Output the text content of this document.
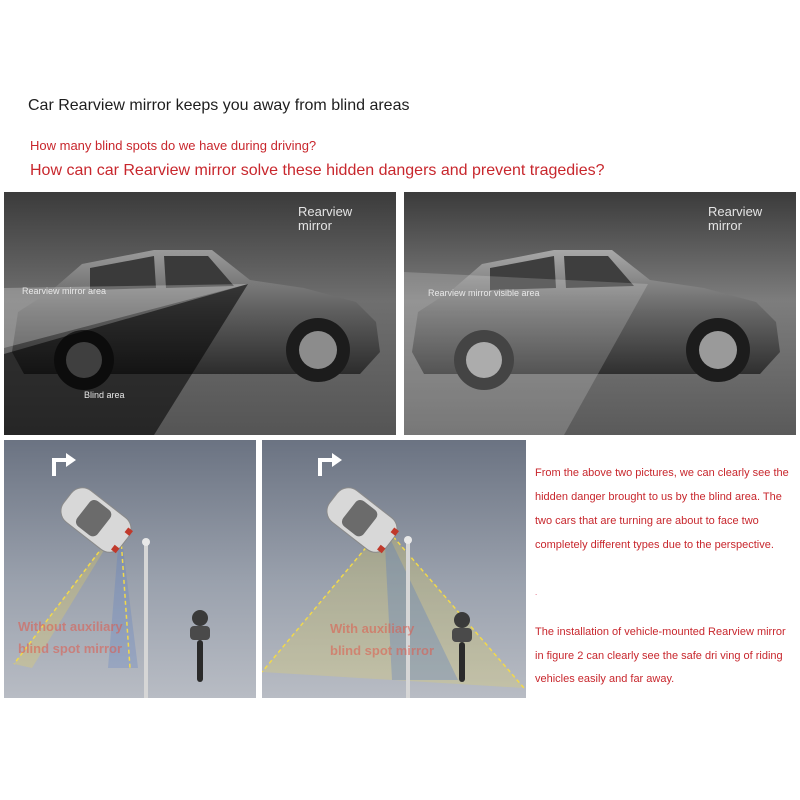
Car Rearview mirror keeps you away from blind areas
How many blind spots do we have during driving?
How can car Rearview mirror solve these hidden dangers and prevent tragedies?
Rearview
mirror
Rearview mirror area
Blind area
Rearview
mirror
Rearview mirror visible area
Without auxiliary
blind spot mirror
With auxiliary
blind spot mirror
From the above two pictures, we can clearly see the hidden danger brought to us by the blind area. The two cars that are turning are about to face two completely different types due to the perspective.
.
The installation of vehicle-mounted Rearview mirror in figure 2 can clearly see the safe dri ving of riding vehicles easily and far away.
